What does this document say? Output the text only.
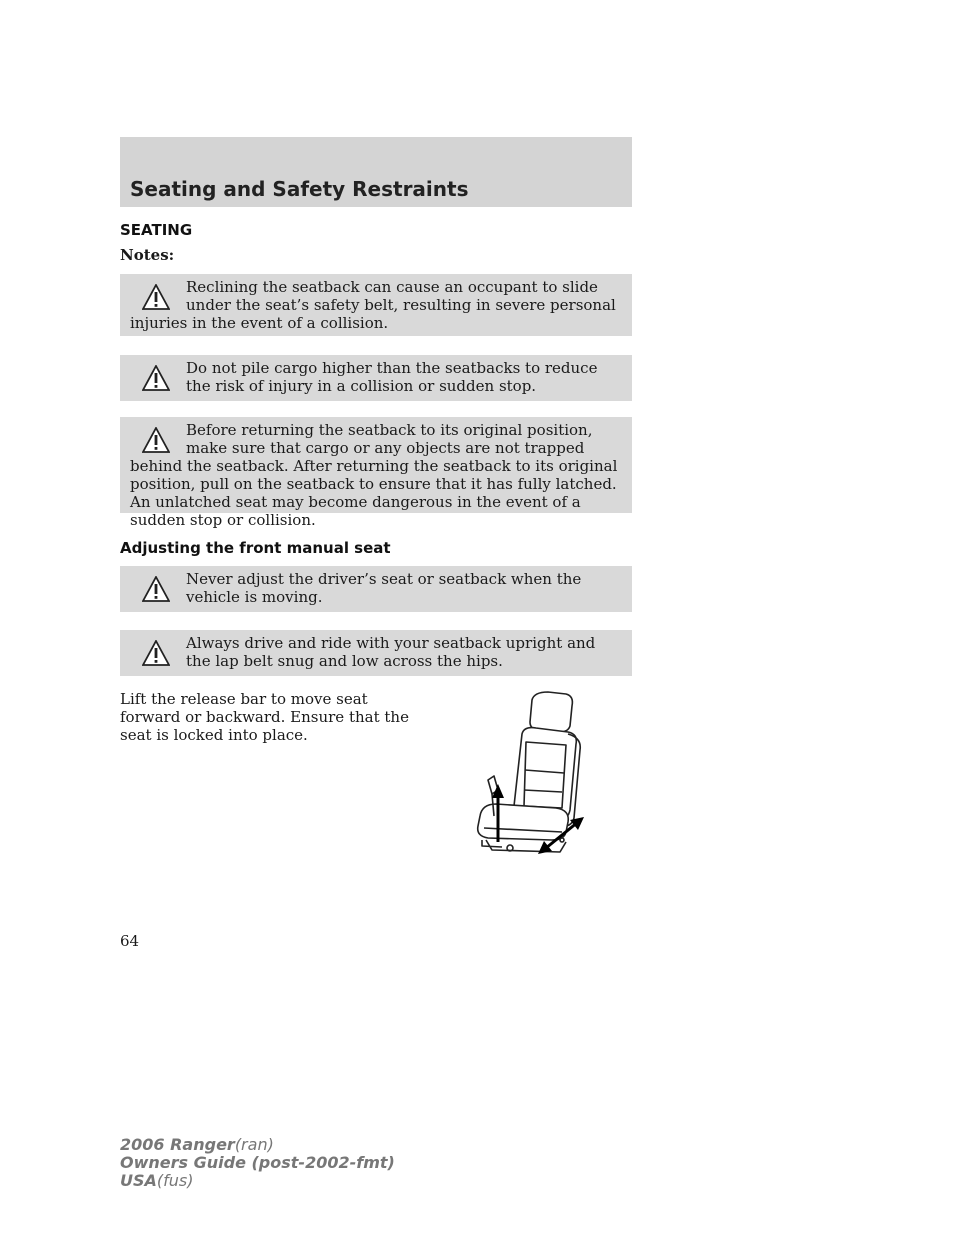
Seating and Safety Restraints
SEATING

Notes:

Reclining the seatback can cause an occupant to slide under the seat’s safety belt, resulting in severe personal injuries in the event of a collision.

Do not pile cargo higher than the seatbacks to reduce the risk of injury in a collision or sudden stop.

Before returning the seatback to its original position, make sure that cargo or any objects are not trapped behind the seatback. After returning the seatback to its original position, pull on the seatback to ensure that it has fully latched. An unlatched seat may become dangerous in the event of a sudden stop or collision.

Adjusting the front manual seat

Never adjust the driver’s seat or seatback when the vehicle is moving.

Always drive and ride with your seatback upright and the lap belt snug and low across the hips.

Lift the release bar to move seat forward or backward. Ensure that the seat is locked into place.

64

2006 Ranger(ran)
Owners Guide (post-2002-fmt)
USA(fus)
